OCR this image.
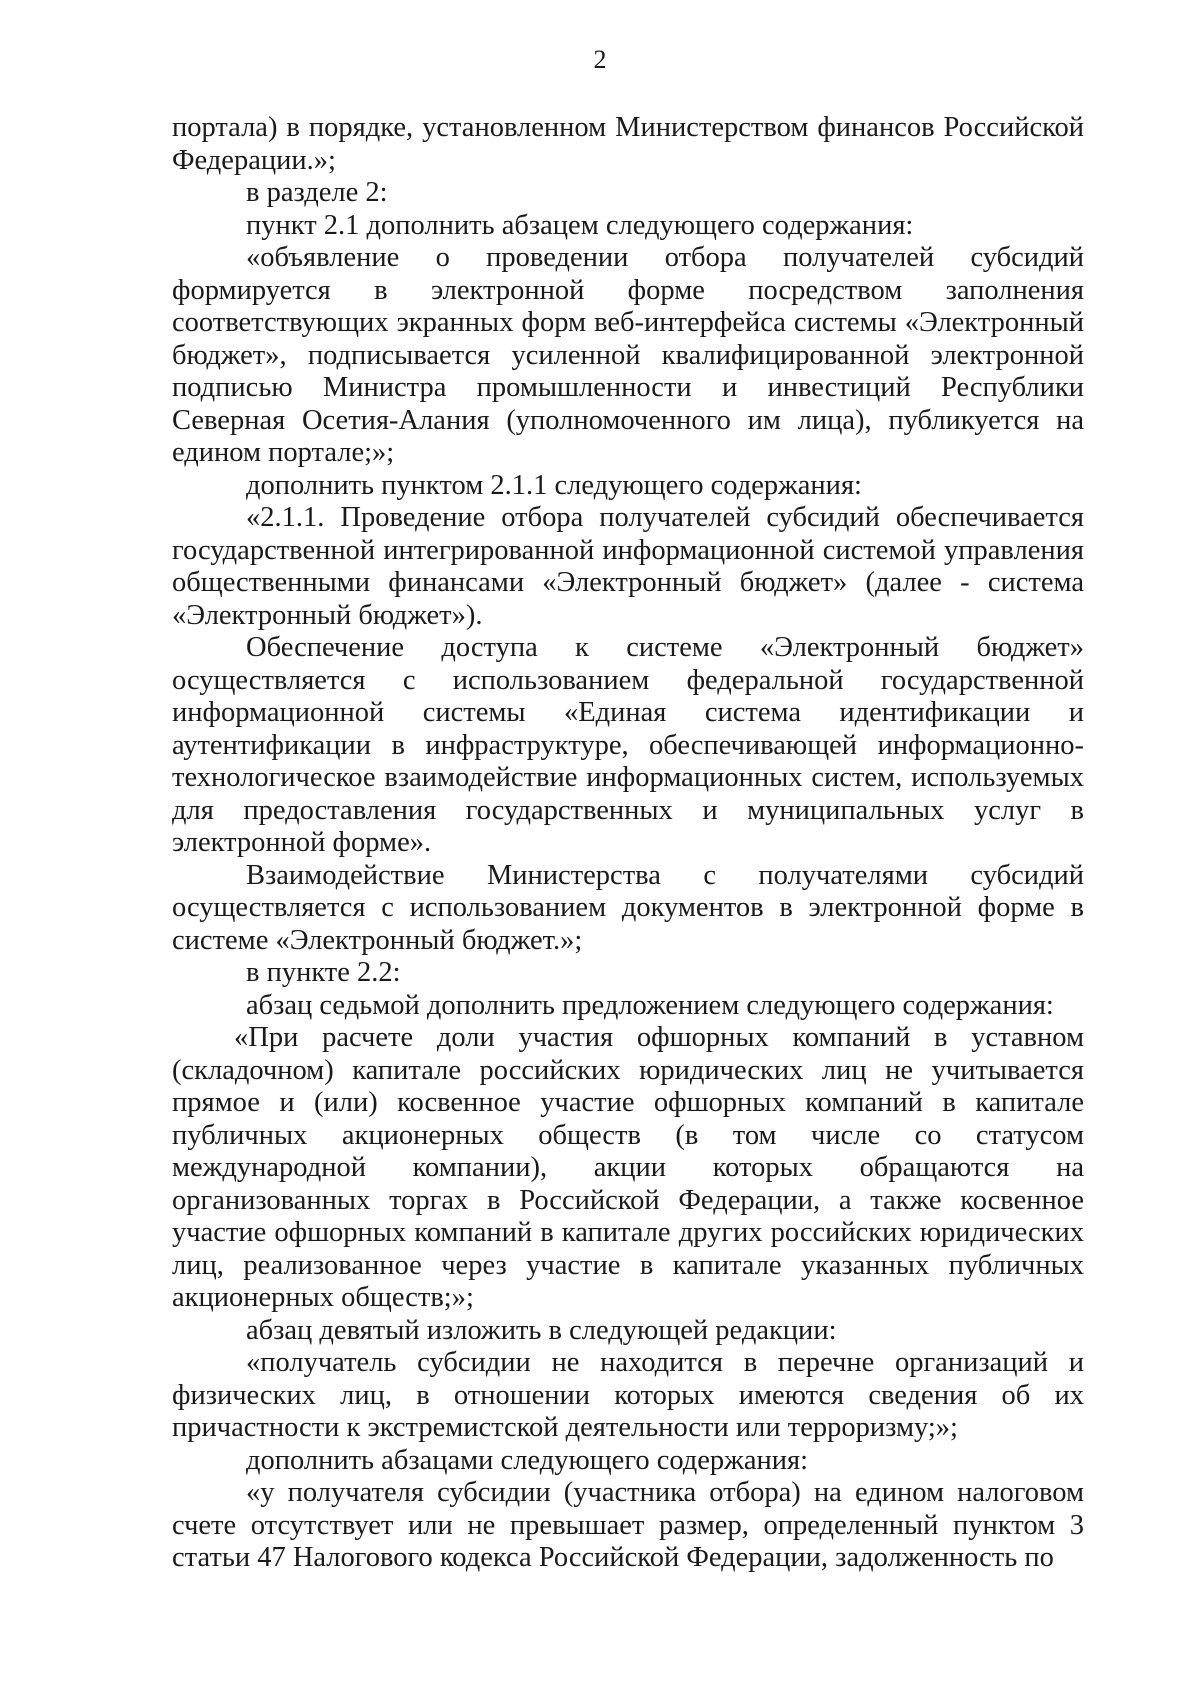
2

портала) в порядке, установленном Министерством финансов Российской Федерации.»;

в разделе 2:

пункт 2.1 дополнить абзацем следующего содержания:

«объявление о проведении отбора получателей субсидий формируется в электронной форме посредством заполнения соответствующих экранных форм веб-интерфейса системы «Электронный бюджет», подписывается усиленной квалифицированной электронной подписью Министра промышленности и инвестиций Республики Северная Осетия-Алания (уполномоченного им лица), публикуется на едином портале;»;

дополнить пунктом 2.1.1 следующего содержания:

«2.1.1. Проведение отбора получателей субсидий обеспечивается государственной интегрированной информационной системой управления общественными финансами «Электронный бюджет» (далее - система «Электронный бюджет»).

Обеспечение доступа к системе «Электронный бюджет» осуществляется с использованием федеральной государственной информационной системы «Единая система идентификации и аутентификации в инфраструктуре, обеспечивающей информационно-технологическое взаимодействие информационных систем, используемых для предоставления государственных и муниципальных услуг в электронной форме».

Взаимодействие Министерства с получателями субсидий осуществляется с использованием документов в электронной форме в системе «Электронный бюджет.»;

в пункте 2.2:

абзац седьмой дополнить предложением следующего содержания:

«При расчете доли участия офшорных компаний в уставном (складочном) капитале российских юридических лиц не учитывается прямое и (или) косвенное участие офшорных компаний в капитале публичных акционерных обществ (в том числе со статусом международной компании), акции которых обращаются на организованных торгах в Российской Федерации, а также косвенное участие офшорных компаний в капитале других российских юридических лиц, реализованное через участие в капитале указанных публичных акционерных обществ;»;

абзац девятый изложить в следующей редакции:

«получатель субсидии не находится в перечне организаций и физических лиц, в отношении которых имеются сведения об их причастности к экстремистской деятельности или терроризму;»;

дополнить абзацами следующего содержания:

«у получателя субсидии (участника отбора) на едином налоговом счете отсутствует или не превышает размер, определенный пунктом 3 статьи 47 Налогового кодекса Российской Федерации, задолженность по
